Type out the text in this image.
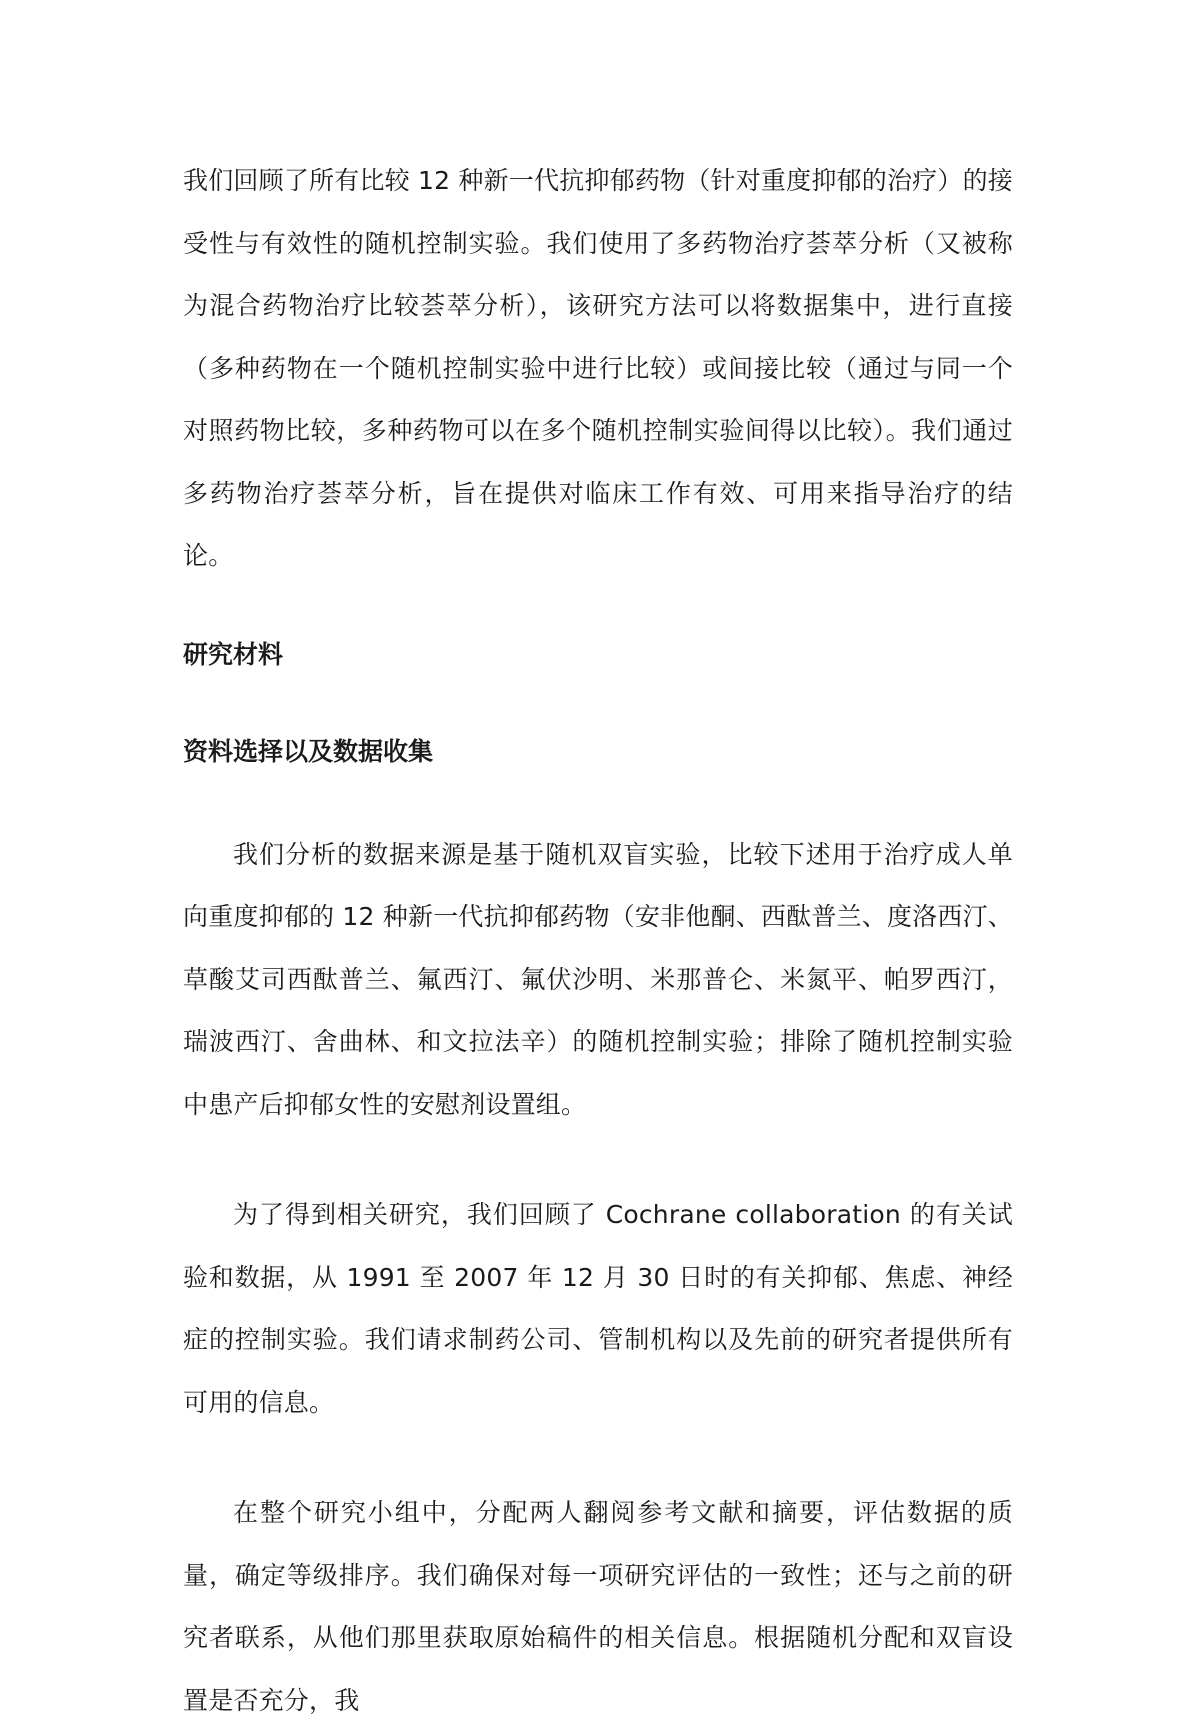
我们回顾了所有比较 12 种新一代抗抑郁药物（针对重度抑郁的治疗）的接受性与有效性的随机控制实验。我们使用了多药物治疗荟萃分析（又被称为混合药物治疗比较荟萃分析），该研究方法可以将数据集中，进行直接（多种药物在一个随机控制实验中进行比较）或间接比较（通过与同一个对照药物比较，多种药物可以在多个随机控制实验间得以比较）。我们通过多药物治疗荟萃分析，旨在提供对临床工作有效、可用来指导治疗的结论。

研究材料
资料选择以及数据收集

我们分析的数据来源是基于随机双盲实验，比较下述用于治疗成人单向重度抑郁的 12 种新一代抗抑郁药物（安非他酮、西酞普兰、度洛西汀、草酸艾司西酞普兰、氟西汀、氟伏沙明、米那普仑、米氮平、帕罗西汀，瑞波西汀、舍曲林、和文拉法辛）的随机控制实验；排除了随机控制实验中患产后抑郁女性的安慰剂设置组。

为了得到相关研究，我们回顾了 Cochrane collaboration 的有关试验和数据，从 1991 至 2007 年 12 月 30 日时的有关抑郁、焦虑、神经症的控制实验。我们请求制药公司、管制机构以及先前的研究者提供所有可用的信息。

在整个研究小组中，分配两人翻阅参考文献和摘要，评估数据的质量，确定等级排序。我们确保对每一项研究评估的一致性；还与之前的研究者联系，从他们那里获取原始稿件的相关信息。根据随机分配和双盲设置是否充分，我
